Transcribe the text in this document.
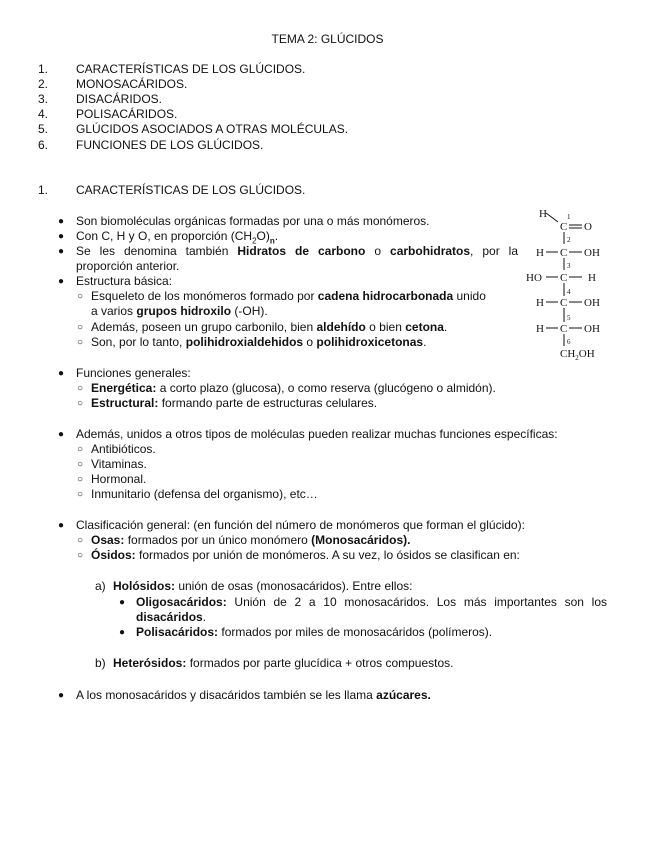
TEMA 2: GLÚCIDOS
1. CARACTERÍSTICAS DE LOS GLÚCIDOS.
2. MONOSACÁRIDOS.
3. DISACÁRIDOS.
4. POLISACÁRIDOS.
5. GLÚCIDOS ASOCIADOS A OTRAS MOLÉCULAS.
6. FUNCIONES DE LOS GLÚCIDOS.
1. CARACTERÍSTICAS DE LOS GLÚCIDOS.
● Son biomoléculas orgánicas formadas por una o más monómeros.
● Con C, H y O, en proporción $(CH_2O)_n$.
● Se les denomina también Hidratos de carbono o carbohidratos, por la
proporción anterior.
● Estructura básica:
○ Esqueleto de los monómeros formado por cadena hidrocarbonada unido
a varios grupos hidroxilo (-OH).
○ Además, poseen un grupo carbonilo, bien aldehído o bien cetona.
○ Son, por lo tanto, polihidroxialdehidos o polihidroxicetonas.
● Funciones generales:
○ Energética: a corto plazo (glucosa), o como reserva (glucógeno o almidón).
○ Estructural: formando parte de estructuras celulares.
● Además, unidos a otros tipos de moléculas pueden realizar muchas funciones específicas:
○ Antibióticos.
○ Vitaminas.
○ Hormonal.
○ Inmunitario (defensa del organismo), etc…
● Clasificación general: (en función del número de monómeros que forman el glúcido):
○ Osas: formados por un único monómero (Monosacáridos).
○ Ósidos: formados por unión de monómeros. A su vez, lo ósidos se clasifican en:
a) Holósidos: unión de osas (monosacáridos). Entre ellos:
● Oligosacáridos: Unión de 2 a 10 monosacáridos. Los más importantes son los
disacáridos.
● Polisacáridos: formados por miles de monosacáridos (polímeros).
b) Heterósidos: formados por parte glucídica + otros compuestos.
● A los monosacáridos y disacáridos también se les llama azúcares.
H
C
1
O
2
H C OH
3
HO C H
4
H C OH
5
H C OH
6
$CH_2OH$
